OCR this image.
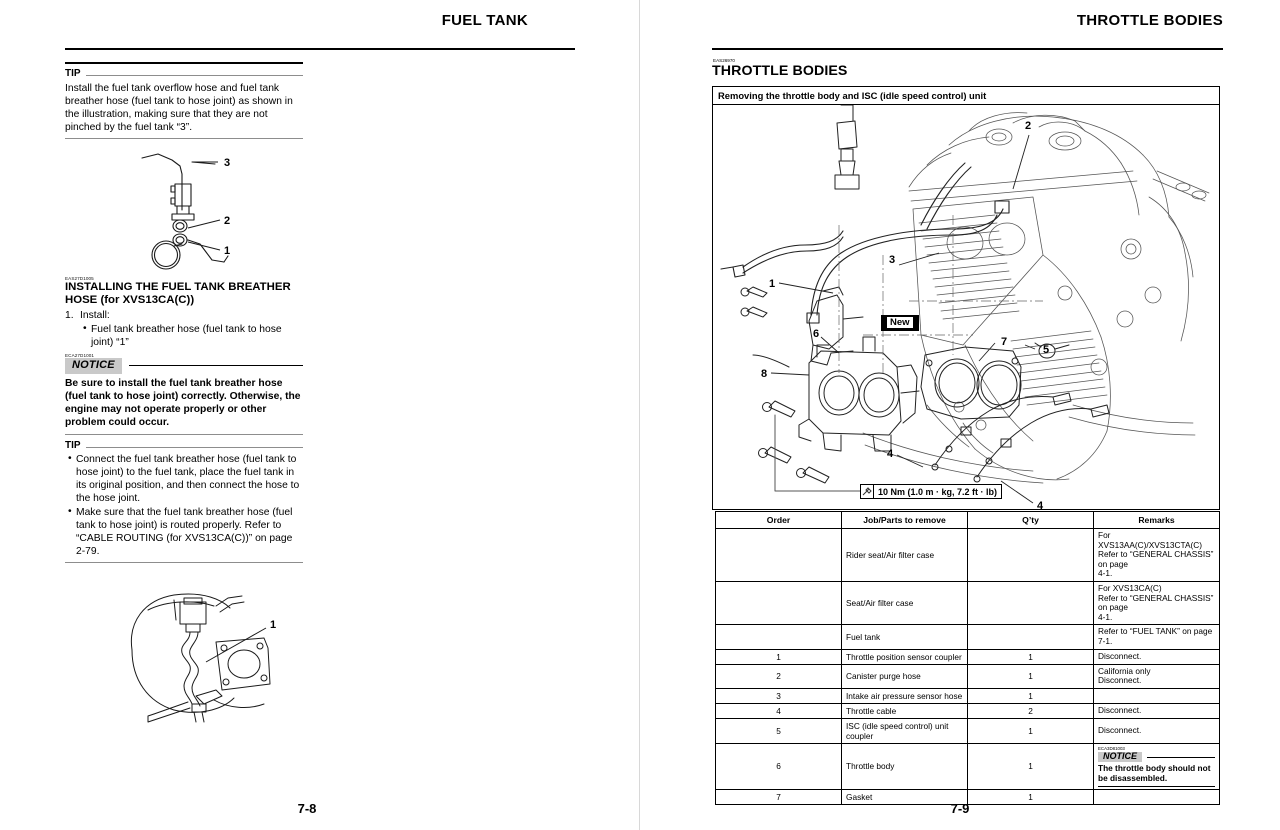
FUEL TANK
TIP

Install the fuel tank overflow hose and fuel tank breather hose (fuel tank to hose joint) as shown in the illustration, making sure that they are not pinched by the fuel tank “3”.

3
2
1
EAS27D1005
INSTALLING THE FUEL TANK BREATHER HOSE (for XVS13CA(C))
1. Install:
• Fuel tank breather hose (fuel tank to hose joint) “1”
ECA27D1001
NOTICE

Be sure to install the fuel tank breather hose (fuel tank to hose joint) correctly. Otherwise, the engine may not operate properly or other problem could occur.

TIP
• Connect the fuel tank breather hose (fuel tank to hose joint) to the fuel tank, place the fuel tank in its original position, and then connect the hose to the hose joint.
• Make sure that the fuel tank breather hose (fuel tank to hose joint) is routed properly. Refer to “CABLE ROUTING (for XVS13CA(C))” on page 2-79.
1
7-8
THROTTLE BODIES
EAS26970
THROTTLE BODIES
Removing the throttle body and ISC (idle speed control) unit
2
3
1
6
7
5
8
4
4
New
10 Nm (1.0 m · kg, 7.2 ft · lb)
Order	Job/Parts to remove	Q’ty	Remarks
	Rider seat/Air filter case		For XVS13AA(C)/XVS13CTA(C)
Refer to “GENERAL CHASSIS” on page
4-1.

	Seat/Air filter case		For XVS13CA(C)
Refer to “GENERAL CHASSIS” on page
4-1.

	Fuel tank		Refer to “FUEL TANK” on page 7-1.

1	Throttle position sensor coupler	1	Disconnect.

2	Canister purge hose	1	California only
Disconnect.

3	Intake air pressure sensor hose	1	

4	Throttle cable	2	Disconnect.

5	ISC (idle speed control) unit coupler	1	Disconnect.

6	Throttle body	1	ECA3D81003
NOTICE
The throttle body should not be disassembled.

7	Gasket	1	
7-9
